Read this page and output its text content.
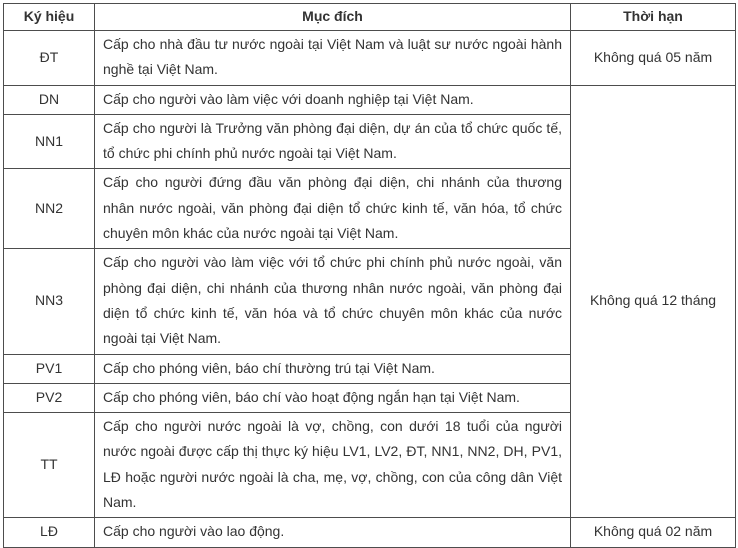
Ký hiệu	Mục đích	Thời hạn
ĐT	Cấp cho nhà đầu tư nước ngoài tại Việt Nam và luật sư nước ngoài hành nghề tại Việt Nam.	Không quá 05 năm
DN	Cấp cho người vào làm việc với doanh nghiệp tại Việt Nam.	Không quá 12 tháng
NN1	Cấp cho người là Trưởng văn phòng đại diện, dự án của tổ chức quốc tế, tổ chức phi chính phủ nước ngoài tại Việt Nam.	
NN2	Cấp cho người đứng đầu văn phòng đại diện, chi nhánh của thương nhân nước ngoài, văn phòng đại diện tổ chức kinh tế, văn hóa, tổ chức chuyên môn khác của nước ngoài tại Việt Nam.	
NN3	Cấp cho người vào làm việc với tổ chức phi chính phủ nước ngoài, văn phòng đại diện, chi nhánh của thương nhân nước ngoài, văn phòng đại diện tổ chức kinh tế, văn hóa và tổ chức chuyên môn khác của nước ngoài tại Việt Nam.	
PV1	Cấp cho phóng viên, báo chí thường trú tại Việt Nam.	
PV2	Cấp cho phóng viên, báo chí vào hoạt động ngắn hạn tại Việt Nam.	
TT	Cấp cho người nước ngoài là vợ, chồng, con dưới 18 tuổi của người nước ngoài được cấp thị thực ký hiệu LV1, LV2, ĐT, NN1, NN2, DH, PV1, LĐ hoặc người nước ngoài là cha, mẹ, vợ, chồng, con của công dân Việt Nam.	
LĐ	Cấp cho người vào lao động.	Không quá 02 năm
